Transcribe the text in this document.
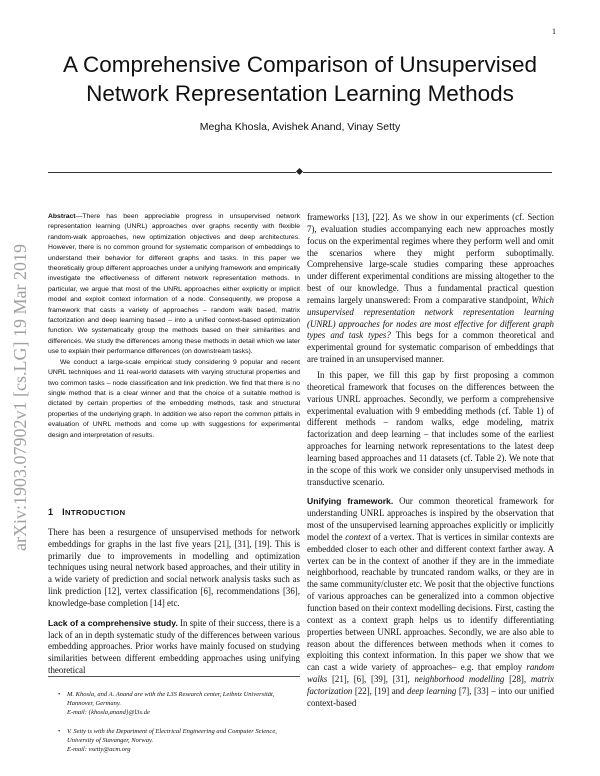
1
arXiv:1903.07902v1 [cs.LG] 19 Mar 2019
A Comprehensive Comparison of Unsupervised
Network Representation Learning Methods
Megha Khosla, Avishek Anand, Vinay Setty

Abstract—There has been appreciable progress in unsupervised network representation learning (UNRL) approaches over graphs recently with flexible random-walk approaches, new optimization objectives and deep architectures. However, there is no common ground for systematic comparison of embeddings to understand their behavior for different graphs and tasks. In this paper we theoretically group different approaches under a unifying framework and empirically investigate the effectiveness of different network representation methods. In particular, we argue that most of the UNRL approaches either explicitly or implicit model and exploit context information of a node. Consequently, we propose a framework that casts a variety of approaches – random walk based, matrix factorization and deep learning based – into a unified context-based optimization function. We systematically group the methods based on their similarities and differences. We study the differences among these methods in detail which we later use to explain their performance differences (on downstream tasks).

We conduct a large-scale empirical study considering 9 popular and recent UNRL techniques and 11 real-world datasets with varying structural properties and two common tasks – node classification and link prediction. We find that there is no single method that is a clear winner and that the choice of a suitable method is dictated by certain properties of the embedding methods, task and structural properties of the underlying graph. In addition we also report the common pitfalls in evaluation of UNRL methods and come up with suggestions for experimental design and interpretation of results.

1 INTRODUCTION

There has been a resurgence of unsupervised methods for network embeddings for graphs in the last five years [21], [31], [19]. This is primarily due to improvements in modelling and optimization techniques using neural network based approaches, and their utility in a wide variety of prediction and social network analysis tasks such as link prediction [12], vertex classification [6], recommendations [36], knowledge-base completion [14] etc.

Lack of a comprehensive study. In spite of their success, there is a lack of an in depth systematic study of the differences between various embedding approaches. Prior works have mainly focused on studying similarities between different embedding approaches using unifying theoretical

frameworks [13], [22]. As we show in our experiments (cf. Section 7), evaluation studies accompanying each new approaches mostly focus on the experimental regimes where they perform well and omit the scenarios where they might perform suboptimally. Comprehensive large-scale studies comparing these approaches under different experimental conditions are missing altogether to the best of our knowledge. Thus a fundamental practical question remains largely unanswered: From a comparative standpoint, Which unsupervised representation network representation learning (UNRL) approaches for nodes are most effective for different graph types and task types? This begs for a common theoretical and experimental ground for systematic comparison of embeddings that are trained in an unsupervised manner.

In this paper, we fill this gap by first proposing a common theoretical framework that focuses on the differences between the various UNRL approaches. Secondly, we perform a comprehensive experimental evaluation with 9 embedding methods (cf. Table 1) of different methods – random walks, edge modeling, matrix factorization and deep learning – that includes some of the earliest approaches for learning network representations to the latest deep learning based approaches and 11 datasets (cf. Table 2). We note that in the scope of this work we consider only unsupervised methods in transductive scenario.

Unifying framework. Our common theoretical framework for understanding UNRL approaches is inspired by the observation that most of the unsupervised learning approaches explicitly or implicitly model the context of a vertex. That is vertices in similar contexts are embedded closer to each other and different context farther away. A vertex can be in the context of another if they are in the immediate neighborhood, reachable by truncated random walks, or they are in the same community/cluster etc. We posit that the objective functions of various approaches can be generalized into a common objective function based on their context modelling decisions. First, casting the context as a context graph helps us to identify differentiating properties between UNRL approaches. Secondly, we are also able to reason about the differences between methods when it comes to exploiting this context information. In this paper we show that we can cast a wide variety of approaches– e.g. that employ random walks [21], [6], [39], [31], neighborhood modelling [28], matrix factorization [22], [19] and deep learning [7], [33] – into our unified context-based

•	M. Khosla, and A. Anand are with the L3S Research center, Leibniz Universität, Hannover, Germany.
E-mail: {khosla,anand}@l3s.de
•	V. Setty is with the Department of Electrical Engineering and Computer Science, University of Stavanger, Norway.
E-mail: vsetty@acm.org
